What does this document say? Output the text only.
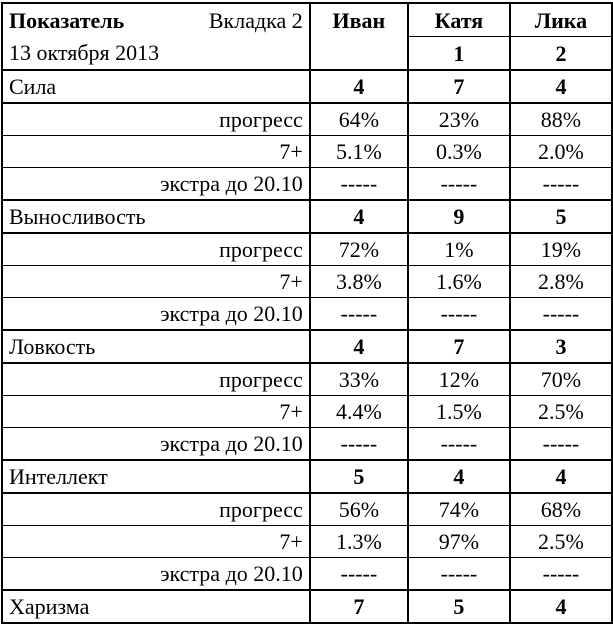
Показатель Вкладка 2	Иван	Катя	Лика
13 октября 2013		1	2
Сила	4	7	4
прогресс	64%	23%	88%
7+	5.1%	0.3%	2.0%
экстра до 20.10	-----	-----	-----
Выносливость	4	9	5
прогресс	72%	1%	19%
7+	3.8%	1.6%	2.8%
экстра до 20.10	-----	-----	-----
Ловкость	4	7	3
прогресс	33%	12%	70%
7+	4.4%	1.5%	2.5%
экстра до 20.10	-----	-----	-----
Интеллект	5	4	4
прогресс	56%	74%	68%
7+	1.3%	97%	2.5%
экстра до 20.10	-----	-----	-----
Харизма	7	5	4
